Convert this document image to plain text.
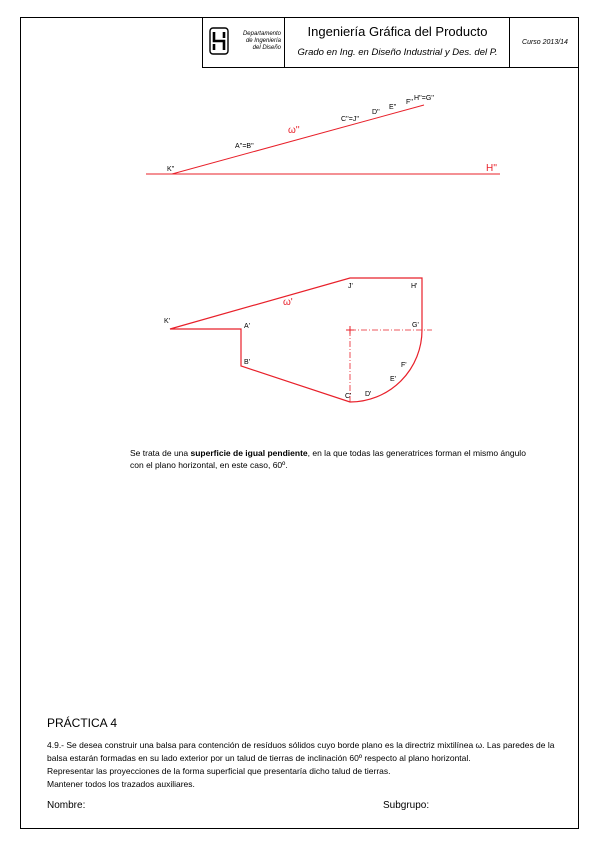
Departamento
de Ingeniería
del Diseño
Ingeniería Gráfica del Producto
Grado en Ing. en Diseño Industrial y Des. del P.
Curso 2013/14
K''
A''=B''
ω''
C''=J''
D''
E''
F''
H''=G''
H''
K'
ω'
A'
B'
J'	H'
G'
F'
E'
D'
C'
Se trata de una superficie de igual pendiente, en la que todas las generatrices forman el mismo ángulo con el plano horizontal, en este caso, 60º.
PRÁCTICA 4

4.9.- Se desea construir una balsa para contención de resíduos sólidos cuyo borde plano es la directriz mixtilínea ω. Las paredes de la balsa estarán formadas en su lado exterior por un talud de tierras de inclinación 60º respecto al plano horizontal.

Representar las proyecciones de la forma superficial que presentaría dicho talud de tierras.

Mantener todos los trazados auxiliares.

Nombre:	Subgrupo:
